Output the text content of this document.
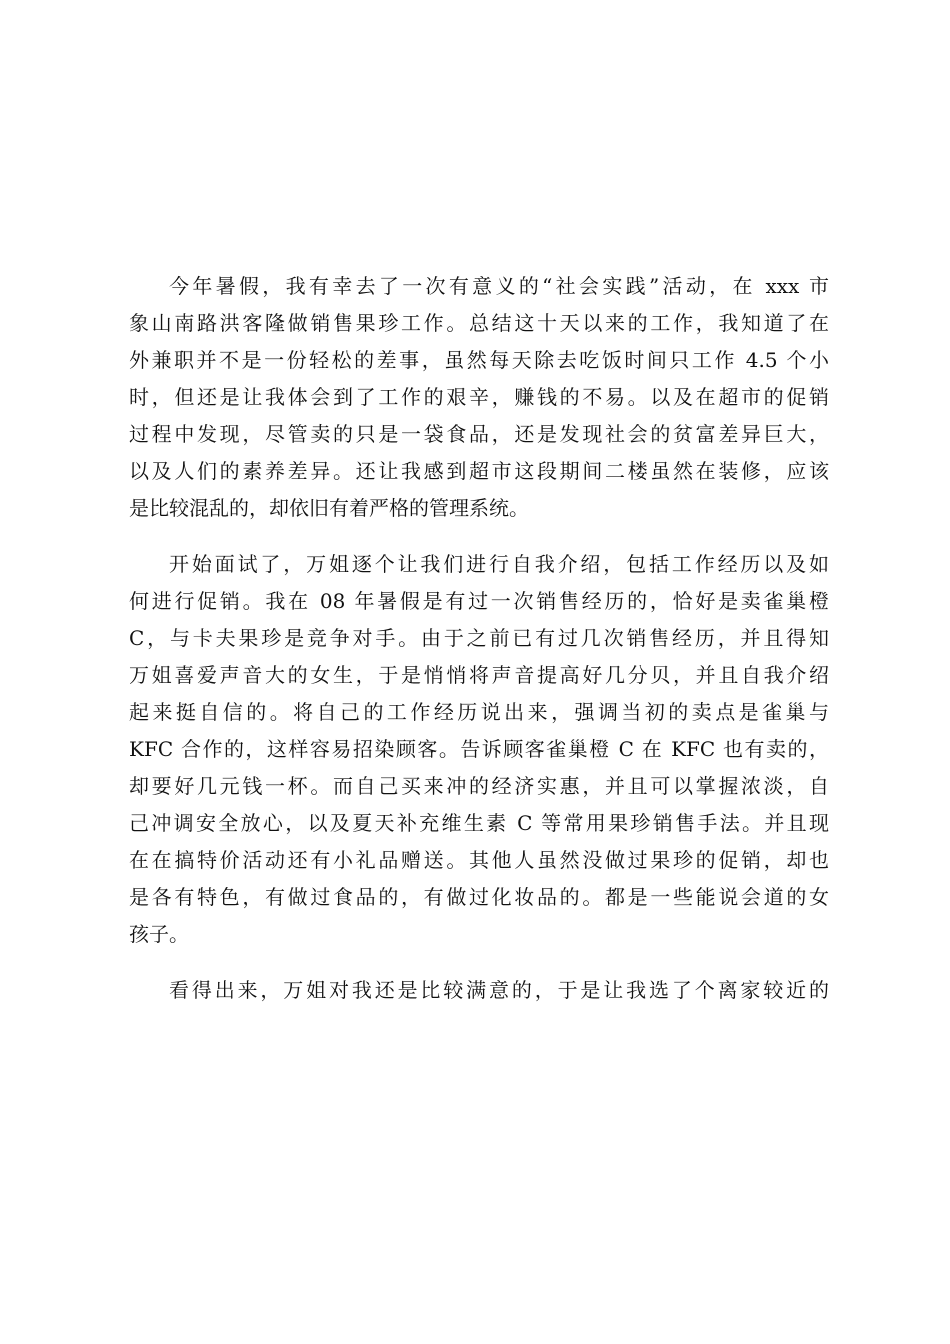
今年暑假，我有幸去了一次有意义的“社会实践”活动，在 xxx 市
象山南路洪客隆做销售果珍工作。总结这十天以来的工作，我知道了在
外兼职并不是一份轻松的差事，虽然每天除去吃饭时间只工作 4.5 个小
时，但还是让我体会到了工作的艰辛，赚钱的不易。以及在超市的促销
过程中发现，尽管卖的只是一袋食品，还是发现社会的贫富差异巨大，
以及人们的素养差异。还让我感到超市这段期间二楼虽然在装修，应该
是比较混乱的，却依旧有着严格的管理系统。
开始面试了，万姐逐个让我们进行自我介绍，包括工作经历以及如
何进行促销。我在 08 年暑假是有过一次销售经历的，恰好是卖雀巢橙
C，与卡夫果珍是竞争对手。由于之前已有过几次销售经历，并且得知
万姐喜爱声音大的女生，于是悄悄将声音提高好几分贝，并且自我介绍
起来挺自信的。将自己的工作经历说出来，强调当初的卖点是雀巢与
KFC 合作的，这样容易招染顾客。告诉顾客雀巢橙 C 在 KFC 也有卖的，
却要好几元钱一杯。而自己买来冲的经济实惠，并且可以掌握浓淡，自
己冲调安全放心，以及夏天补充维生素 C 等常用果珍销售手法。并且现
在在搞特价活动还有小礼品赠送。其他人虽然没做过果珍的促销，却也
是各有特色，有做过食品的，有做过化妆品的。都是一些能说会道的女
孩子。
看得出来，万姐对我还是比较满意的，于是让我选了个离家较近的
